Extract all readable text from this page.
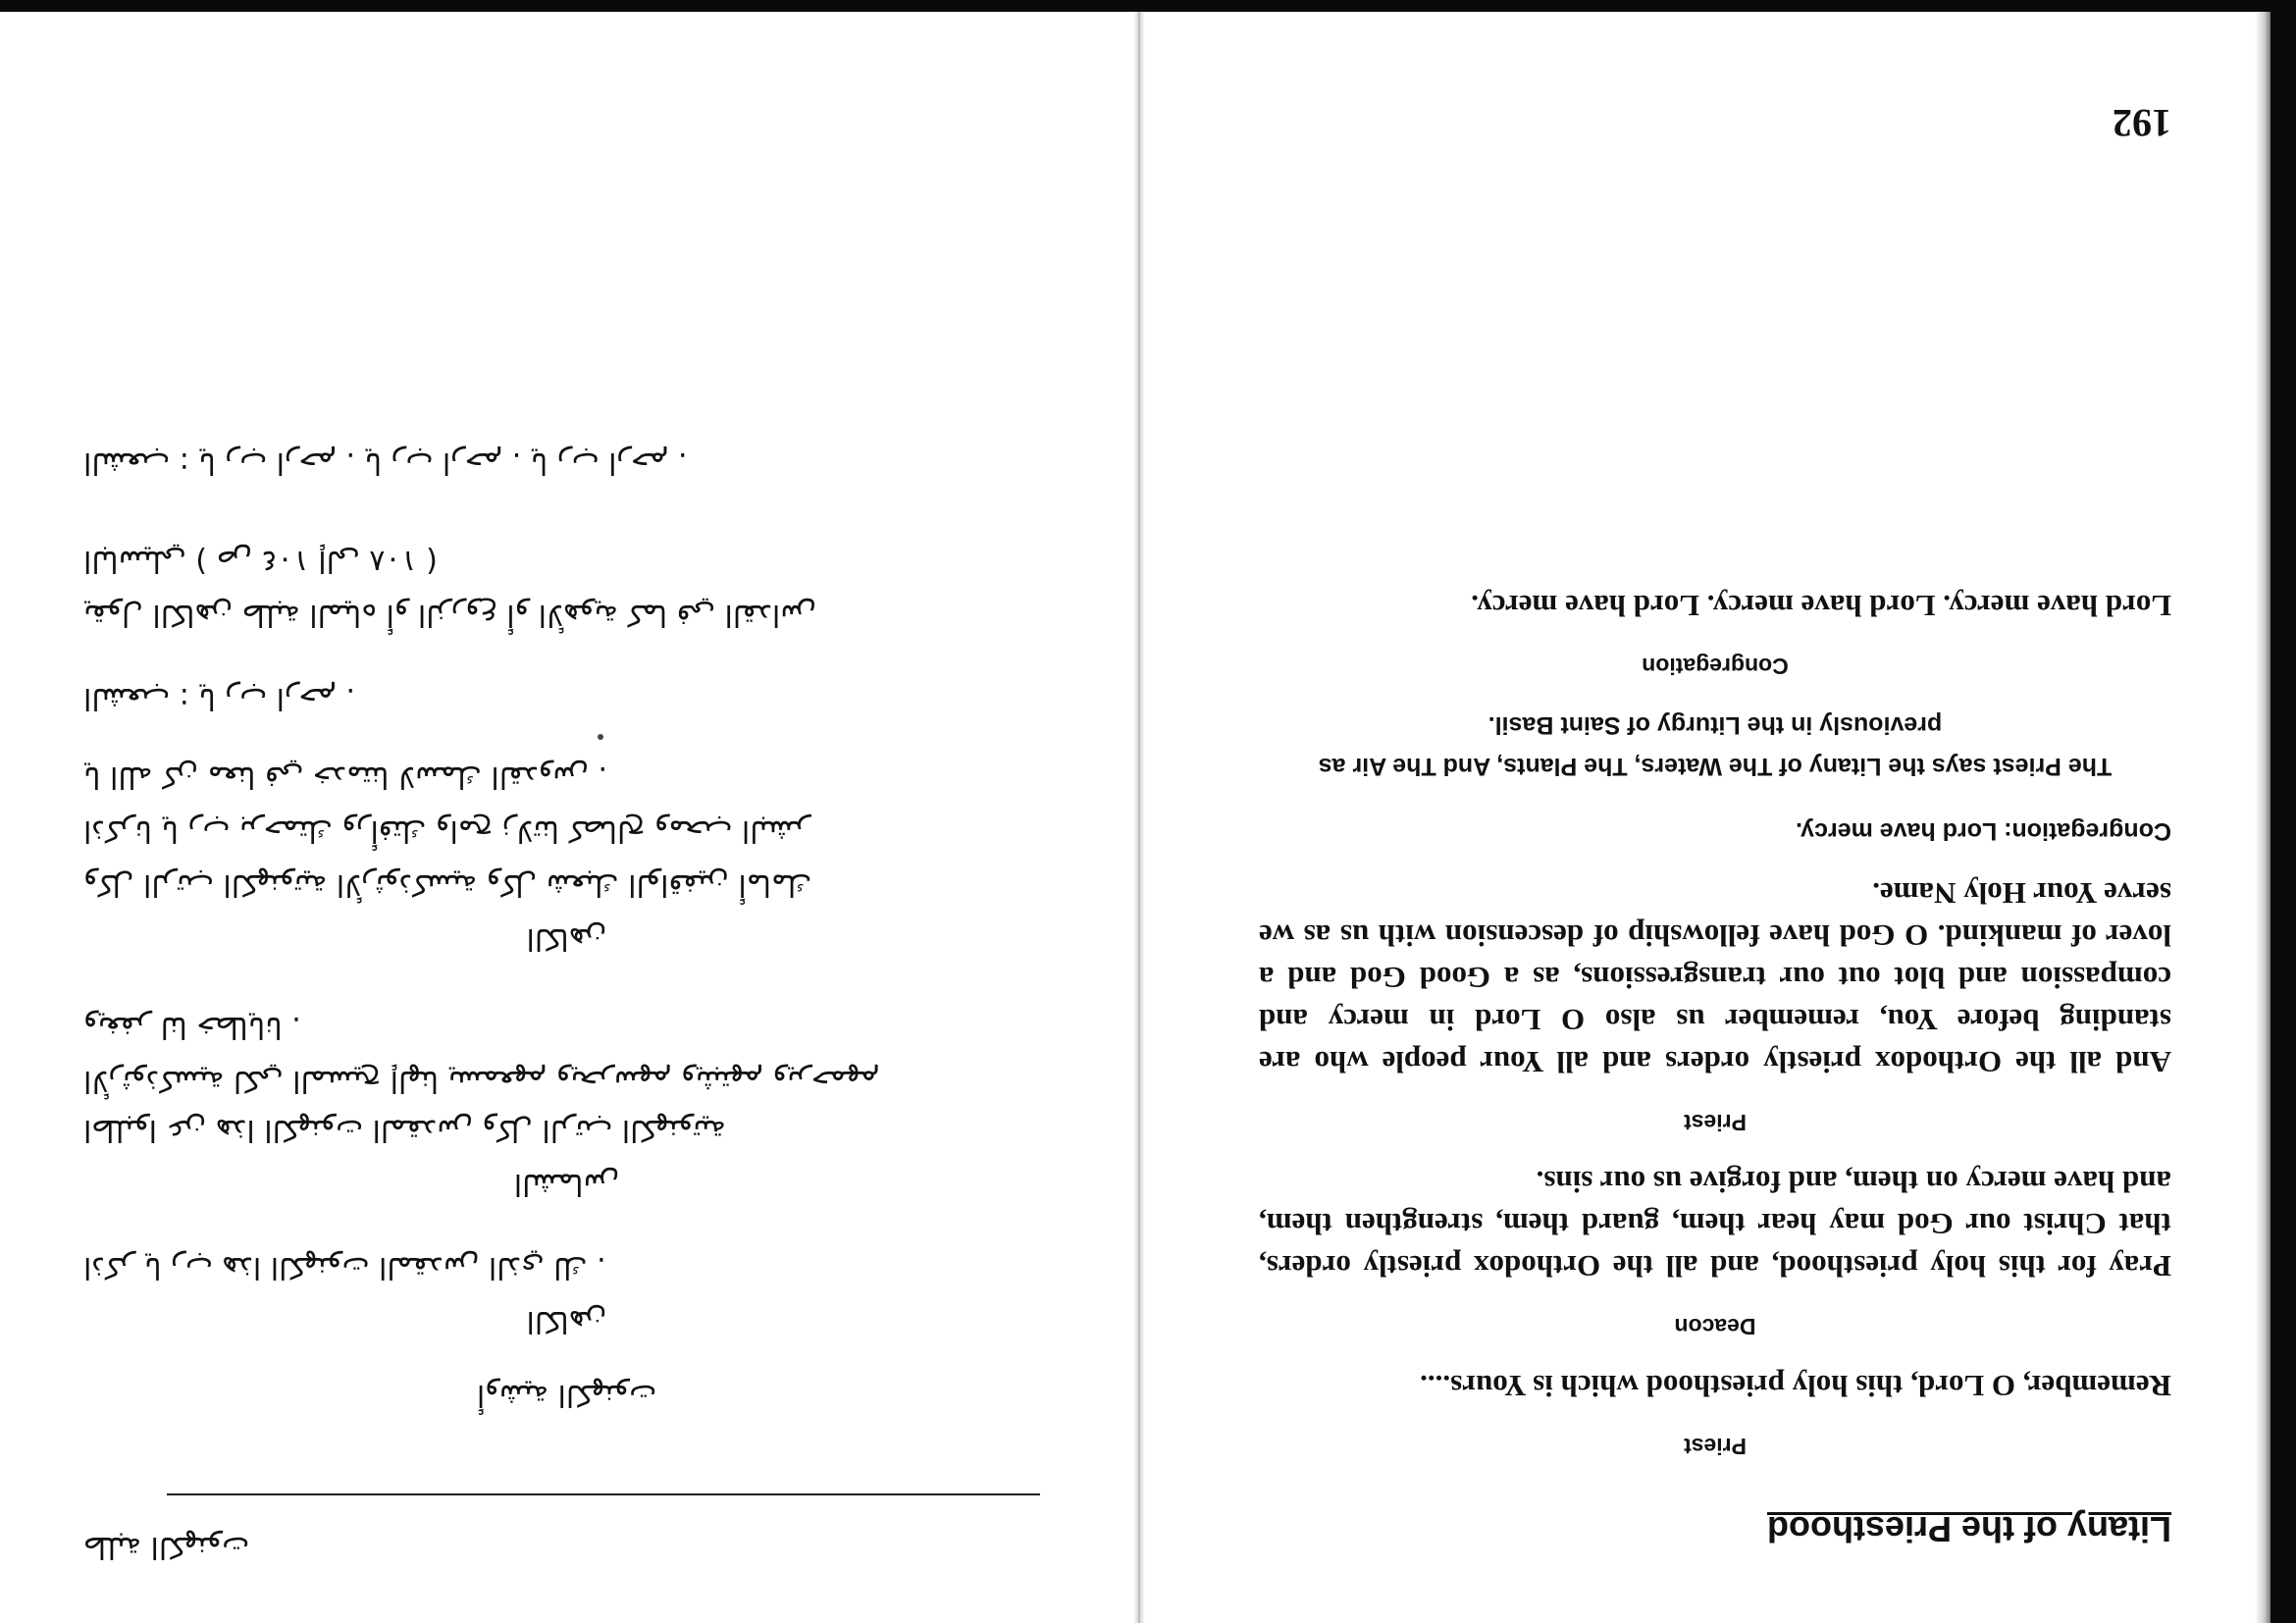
طلبة الكهنوت
أوشية الكهنوت
الكاهن
اذكر يا رب هذا الكهنوت المقدس الذي لك .
الشماس
اطلبوا عن هذا الكهنوت المقدس وكل الرتب الكهنوتية
الأرثوذكسية لكي المسيح إلهنا يسمعهم ويحرسهم ويثبتهم ويرحمهم
ويغفر لنا خطايانا .
الكاهن
وكل الرتب الكهنوتية الأرثوذكسية وكل شعبك الواقفين أمامك
اذكرنا يا رب برحمتك ورأفتك وامح زلاتنا كصالح ومحب البشر
يا الله كن معنا في خدمتنا لاسمك القدوس .
الشعب : يا رب ارحم .
يقول الكاهن طلبة المياه أو الزروع أو الأهوية كما في القداس
الباسيلي ( ص ١٠٤ إلى ١٠٨ )
الشعب : يا رب ارحم . يا رب ارحم . يا رب ارحم .
Litany of the Priesthood
Priest

Remember, O Lord, this holy priesthood which is Yours....

Deacon

Pray for this holy priesthood, and all the Orthodox priestly orders, that Christ our God may hear them, guard them, strengthen them, and have mercy on them, and forgive us our sins.

Priest

And all the Orthodox priestly orders and all Your people who are standing before You, remember us also O Lord in mercy and compassion and blot out our transgressions, as a Good God and a lover of mankind. O God have fellowship of descension with us as we serve Your Holy Name.

Congregation: Lord have mercy.
The Priest says the Litany of The Waters, The Plants, And The Air as previously in the Liturgy of Saint Basil.
Congregation

Lord have mercy. Lord have mercy. Lord have mercy.

192
